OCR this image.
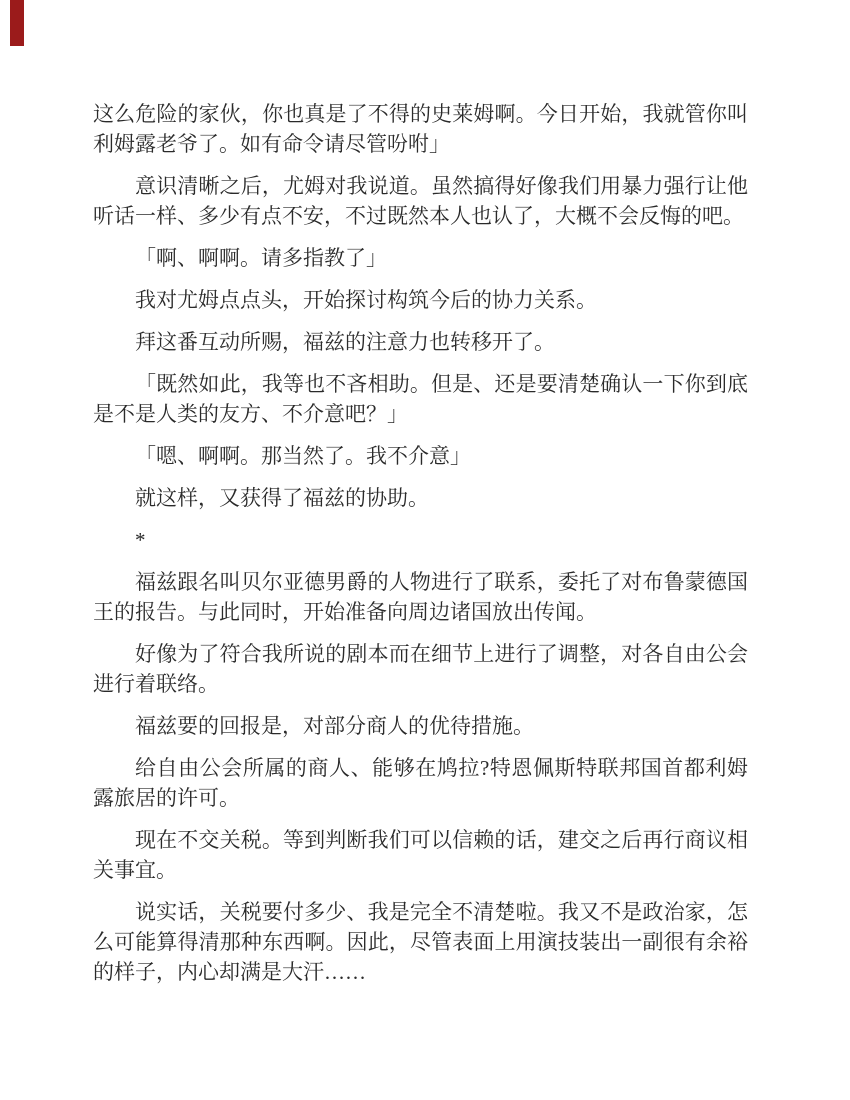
这么危险的家伙，你也真是了不得的史莱姆啊。今日开始，我就管你叫利姆露老爷了。如有命令请尽管吩咐」

意识清晰之后，尤姆对我说道。虽然搞得好像我们用暴力强行让他听话一样、多少有点不安，不过既然本人也认了，大概不会反悔的吧。

「啊、啊啊。请多指教了」

我对尤姆点点头，开始探讨构筑今后的协力关系。

拜这番互动所赐，福兹的注意力也转移开了。

「既然如此，我等也不吝相助。但是、还是要清楚确认一下你到底是不是人类的友方、不介意吧？」

「嗯、啊啊。那当然了。我不介意」

就这样，又获得了福兹的协助。

*

福兹跟名叫贝尔亚德男爵的人物进行了联系，委托了对布鲁蒙德国王的报告。与此同时，开始准备向周边诸国放出传闻。

好像为了符合我所说的剧本而在细节上进行了调整，对各自由公会进行着联络。

福兹要的回报是，对部分商人的优待措施。

给自由公会所属的商人、能够在鸠拉?特恩佩斯特联邦国首都利姆露旅居的许可。

现在不交关税。等到判断我们可以信赖的话，建交之后再行商议相关事宜。

说实话，关税要付多少、我是完全不清楚啦。我又不是政治家，怎么可能算得清那种东西啊。因此，尽管表面上用演技装出一副很有余裕的样子，内心却满是大汗……
